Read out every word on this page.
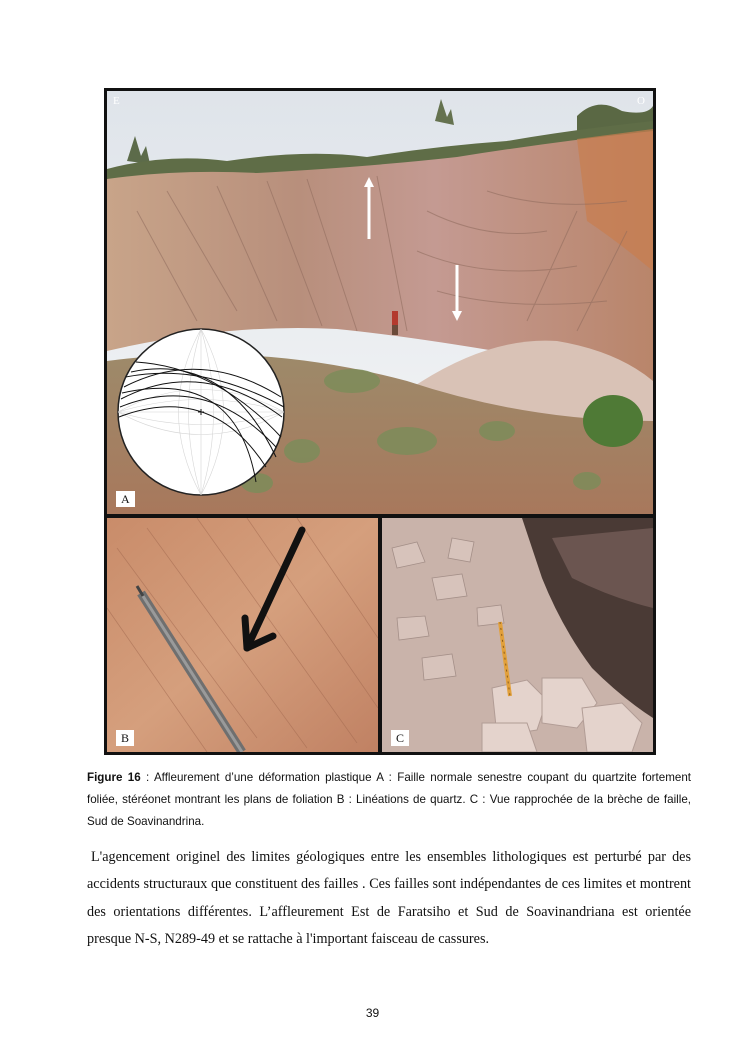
E	O
A
B	C
Figure 16 : Affleurement d’une déformation plastique A : Faille normale senestre coupant du quartzite fortement foliée, stéréonet montrant les plans de foliation B : Linéations de quartz. C : Vue rapprochée de la brèche de faille, Sud de Soavinandrina.

L'agencement originel des limites géologiques entre les ensembles lithologiques est perturbé par des accidents structuraux que constituent des failles . Ces failles sont indépendantes de ces limites et montrent des orientations différentes. L’affleurement Est de Faratsiho et Sud de Soavinandriana est orientée presque N-S, N289-49 et se rattache à l'important faisceau de cassures.

39
